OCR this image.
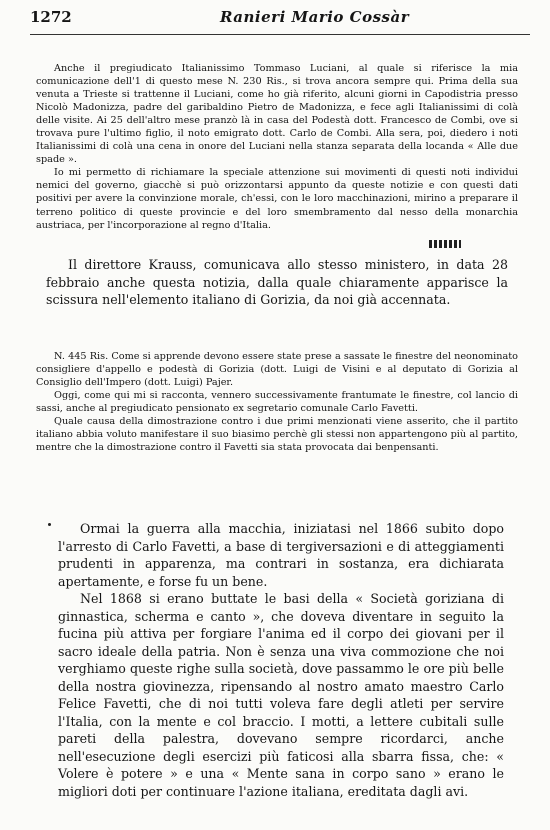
1272	Ranieri Mario Cossàr

Anche il pregiudicato Italianissimo Tommaso Luciani, al quale si riferisce la mia comunicazione dell'1 di questo mese N. 230 Ris., si trova ancora sempre qui. Prima della sua venuta a Trieste si trattenne il Luciani, come ho già riferito, alcuni giorni in Capodistria presso Nicolò Madonizza, padre del garibaldino Pietro de Madonizza, e fece agli Italianissimi di colà delle visite. Ai 25 dell'altro mese pranzò là in casa del Podestà dott. Francesco de Combi, ove si trovava pure l'ultimo figlio, il noto emigrato dott. Carlo de Combi. Alla sera, poi, diedero i noti Italianissimi di colà una cena in onore del Luciani nella stanza separata della locanda « Alle due spade ».

Io mi permetto di richiamare la speciale attenzione sui movimenti di questi noti individui nemici del governo, giacchè si può orizzontarsi appunto da queste notizie e con questi dati positivi per avere la convinzione morale, ch'essi, con le loro macchinazioni, mirino a preparare il terreno politico di queste provincie e del loro smembramento dal nesso della monarchia austriaca, per l'incorporazione al regno d'Italia.

Il direttore Krauss, comunicava allo stesso ministero, in data 28 febbraio anche questa notizia, dalla quale chiaramente apparisce la scissura nell'elemento italiano di Gorizia, da noi già accennata.

N. 445 Ris. Come si apprende devono essere state prese a sassate le finestre del neonominato consigliere d'appello e podestà di Gorizia (dott. Luigi de Visini e al deputato di Gorizia al Consiglio dell'Impero (dott. Luigi) Pajer.

Oggi, come qui mi si racconta, vennero successivamente frantumate le finestre, col lancio di sassi, anche al pregiudicato pensionato ex segretario comunale Carlo Favetti.

Quale causa della dimostrazione contro i due primi menzionati viene asserito, che il partito italiano abbia voluto manifestare il suo biasimo perchè gli stessi non appartengono più al partito, mentre che la dimostrazione contro il Favetti sia stata provocata dai benpensanti.

Ormai la guerra alla macchia, iniziatasi nel 1866 subito dopo l'arresto di Carlo Favetti, a base di tergiversazioni e di atteggiamenti prudenti in apparenza, ma contrari in sostanza, era dichiarata apertamente, e forse fu un bene.

Nel 1868 si erano buttate le basi della « Società goriziana di ginnastica, scherma e canto », che doveva diventare in seguito la fucina più attiva per forgiare l'anima ed il corpo dei giovani per il sacro ideale della patria. Non è senza una viva commozione che noi verghiamo queste righe sulla società, dove passammo le ore più belle della nostra giovinezza, ripensando al nostro amato maestro Carlo Felice Favetti, che di noi tutti voleva fare degli atleti per servire l'Italia, con la mente e col braccio. I motti, a lettere cubitali sulle pareti della palestra, dovevano sempre ricordarci, anche nell'esecuzione degli esercizi più faticosi alla sbarra fissa, che: « Volere è potere » e una « Mente sana in corpo sano » erano le migliori doti per continuare l'azione italiana, ereditata dagli avi.
